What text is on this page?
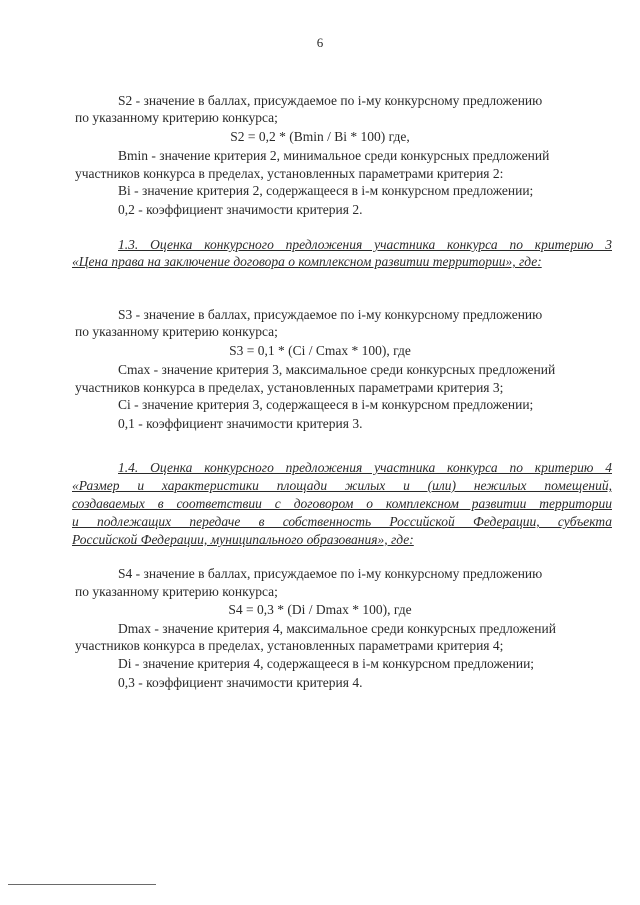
6
S2 - значение в баллах, присуждаемое по i-му конкурсному предложению
по указанному критерию конкурса;
S2 = 0,2 * (Bmin / Bi * 100) где,
Bmin - значение критерия 2, минимальное среди конкурсных предложений
участников конкурса в пределах, установленных параметрами критерия 2:
Bi - значение критерия 2, содержащееся в i-м конкурсном предложении;
0,2 - коэффициент значимости критерия 2.
1.3. Оценка конкурсного предложения участника конкурса по критерию 3
«Цена права на заключение договора о комплексном развитии территории», где:
S3 - значение в баллах, присуждаемое по i-му конкурсному предложению
по указанному критерию конкурса;
S3 = 0,1 * (Ci / Cmax * 100), где
Cmax - значение критерия 3, максимальное среди конкурсных предложений
участников конкурса в пределах, установленных параметрами критерия 3;
Ci - значение критерия 3, содержащееся в i-м конкурсном предложении;
0,1 - коэффициент значимости критерия 3.
1.4. Оценка конкурсного предложения участника конкурса по критерию 4
«Размер и характеристики площади жилых и (или) нежилых помещений,
создаваемых в соответствии с договором о комплексном развитии территории
и подлежащих передаче в собственность Российской Федерации, субъекта
Российской Федерации, муниципального образования», где:
S4 - значение в баллах, присуждаемое по i-му конкурсному предложению
по указанному критерию конкурса;
S4 = 0,3 * (Di / Dmax * 100), где
Dmax - значение критерия 4, максимальное среди конкурсных предложений
участников конкурса в пределах, установленных параметрами критерия 4;
Di - значение критерия 4, содержащееся в i-м конкурсном предложении;
0,3 - коэффициент значимости критерия 4.
